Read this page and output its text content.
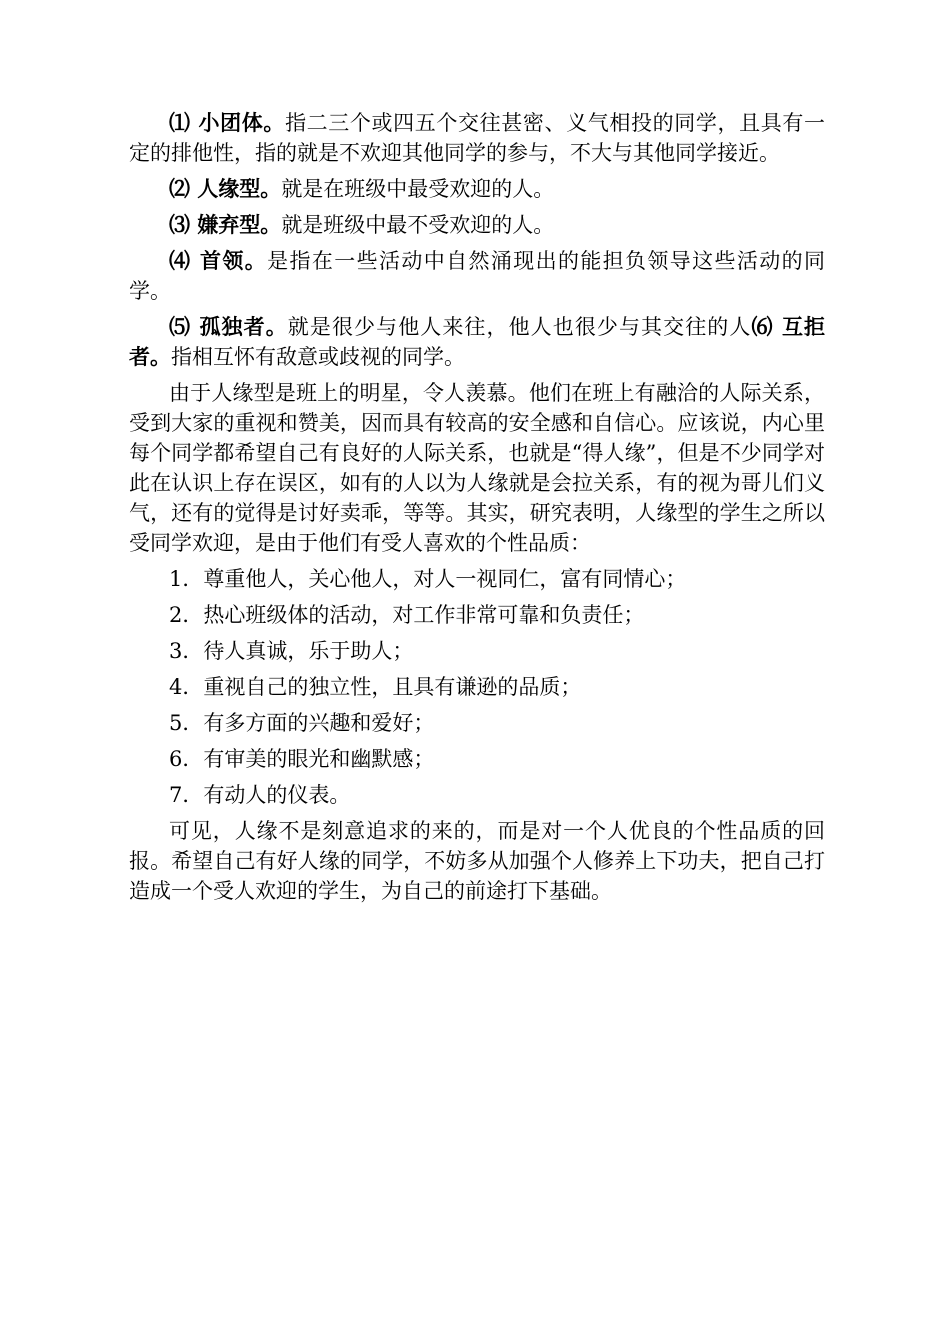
⑴ 小团体。指二三个或四五个交往甚密、义气相投的同学，且具有一定的排他性，指的就是不欢迎其他同学的参与，不大与其他同学接近。

⑵ 人缘型。就是在班级中最受欢迎的人。

⑶ 嫌弃型。就是班级中最不受欢迎的人。

⑷ 首领。是指在一些活动中自然涌现出的能担负领导这些活动的同学。

⑸ 孤独者。就是很少与他人来往，他人也很少与其交往的人⑹ 互拒者。指相互怀有敌意或歧视的同学。

由于人缘型是班上的明星，令人羡慕。他们在班上有融洽的人际关系，受到大家的重视和赞美，因而具有较高的安全感和自信心。应该说，内心里每个同学都希望自己有良好的人际关系，也就是“得人缘”，但是不少同学对此在认识上存在误区，如有的人以为人缘就是会拉关系，有的视为哥儿们义气，还有的觉得是讨好卖乖，等等。其实，研究表明，人缘型的学生之所以受同学欢迎，是由于他们有受人喜欢的个性品质：

1．尊重他人，关心他人，对人一视同仁，富有同情心；
2．热心班级体的活动，对工作非常可靠和负责任；
3．待人真诚，乐于助人；
4．重视自己的独立性，且具有谦逊的品质；
5．有多方面的兴趣和爱好；
6．有审美的眼光和幽默感；
7．有动人的仪表。

可见，人缘不是刻意追求的来的，而是对一个人优良的个性品质的回报。希望自己有好人缘的同学，不妨多从加强个人修养上下功夫，把自己打造成一个受人欢迎的学生，为自己的前途打下基础。
